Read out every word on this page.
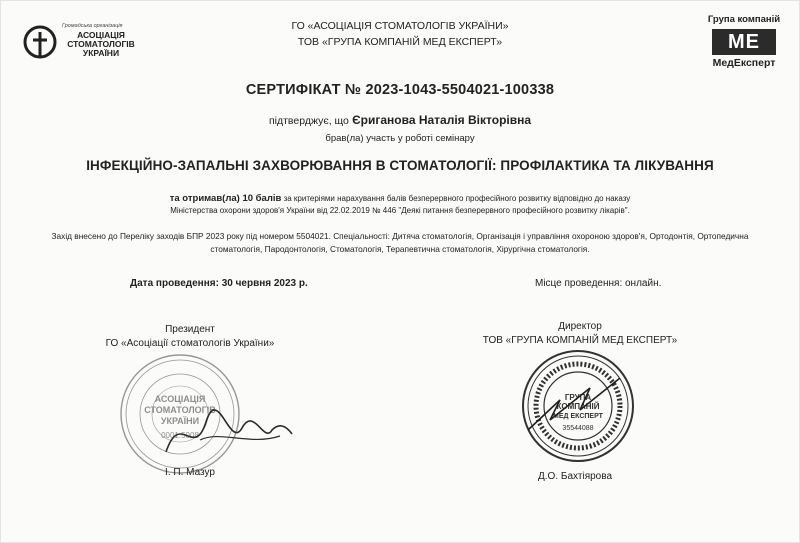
Громадська організація
АСОЦІАЦІЯ
СТОМАТОЛОГІВ
УКРАЇНИ
ГО «АСОЦІАЦІЯ СТОМАТОЛОГІВ УКРАЇНИ»
ТОВ «ГРУПА КОМПАНІЙ МЕД ЕКСПЕРТ»
Група компаній
МЕ
МедЕксперт
СЕРТИФІКАТ № 2023-1043-5504021-100338
підтверджує, що Єриганова Наталія Вікторівна
брав(ла) участь у роботі семінару
ІНФЕКЦІЙНО-ЗАПАЛЬНІ ЗАХВОРЮВАННЯ В СТОМАТОЛОГІЇ: ПРОФІЛАКТИКА ТА ЛІКУВАННЯ
та отримав(ла) 10 балів за критеріями нарахування балів безперервного професійного розвитку відповідно до наказу
Міністерства охорони здоров'я України від 22.02.2019 № 446 "Деякі питання безперервного професійного розвитку лікарів".
Захід внесено до Переліку заходів БПР 2023 року під номером 5504021. Спеціальності: Дитяча стоматологія, Організація і управління охороною здоров'я, Ортодонтія, Ортопедична стоматологія, Пародонтологія, Стоматологія, Терапевтична стоматологія, Хірургічна стоматологія.
Дата проведення: 30 червня 2023 р.	Місце проведення: онлайн.
Президент
ГО «Асоціації стоматологів України»
АСОЦІАЦІЯ
СТОМАТОЛОГІВ
УКРАЇНИ
0001.5008
І. П. Мазур
Директор
ТОВ «ГРУПА КОМПАНІЙ МЕД ЕКСПЕРТ»
ГРУПА
КОМПАНІЙ
МЕД ЕКСПЕРТ
35544088
Д.О. Бахтіярова
